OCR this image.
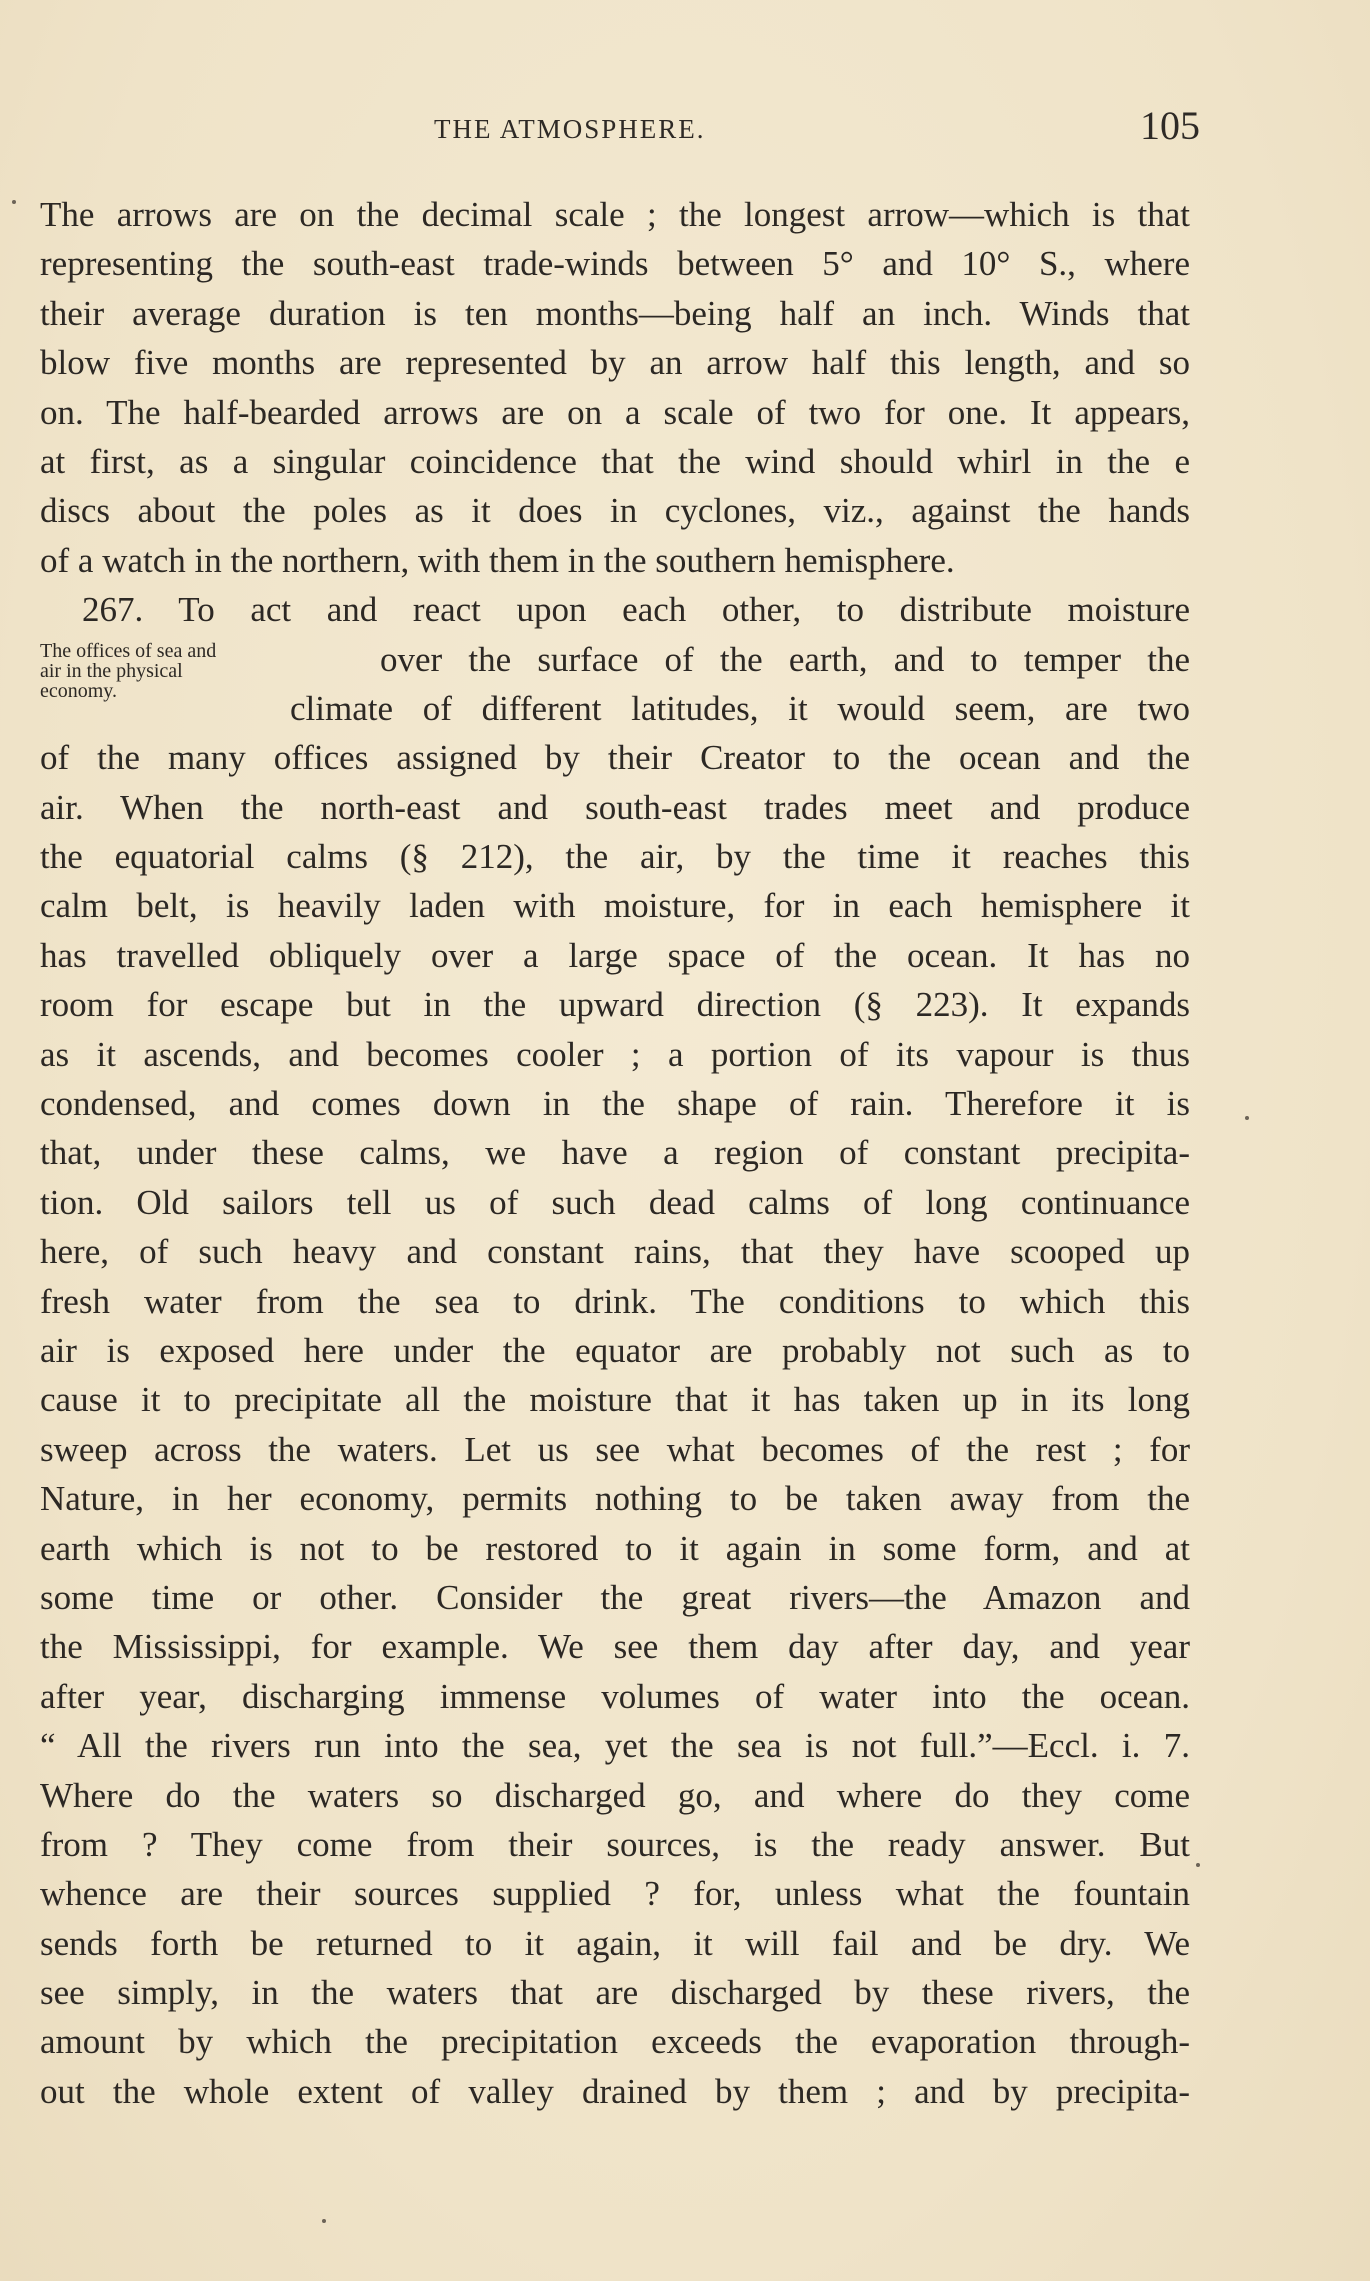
THE ATMOSPHERE.	105
The offices of sea and
air in the physical
economy.
The arrows are on the decimal scale ; the longest arrow—which is that
representing the south-east trade-winds between 5° and 10° S., where
their average duration is ten months—being half an inch. Winds that
blow five months are represented by an arrow half this length, and so
on. The half-bearded arrows are on a scale of two for one. It appears,
at first, as a singular coincidence that the wind should whirl in the e
discs about the poles as it does in cyclones, viz., against the hands
of a watch in the northern, with them in the southern hemisphere.
267. To act and react upon each other, to distribute moisture
over the surface of the earth, and to temper the
climate of different latitudes, it would seem, are two
of the many offices assigned by their Creator to the ocean and the
air. When the north-east and south-east trades meet and produce
the equatorial calms (§ 212), the air, by the time it reaches this
calm belt, is heavily laden with moisture, for in each hemisphere it
has travelled obliquely over a large space of the ocean. It has no
room for escape but in the upward direction (§ 223). It expands
as it ascends, and becomes cooler ; a portion of its vapour is thus
condensed, and comes down in the shape of rain. Therefore it is
that, under these calms, we have a region of constant precipita-
tion. Old sailors tell us of such dead calms of long continuance
here, of such heavy and constant rains, that they have scooped up
fresh water from the sea to drink. The conditions to which this
air is exposed here under the equator are probably not such as to
cause it to precipitate all the moisture that it has taken up in its long
sweep across the waters. Let us see what becomes of the rest ; for
Nature, in her economy, permits nothing to be taken away from the
earth which is not to be restored to it again in some form, and at
some time or other. Consider the great rivers—the Amazon and
the Mississippi, for example. We see them day after day, and year
after year, discharging immense volumes of water into the ocean.
“ All the rivers run into the sea, yet the sea is not full.”—Eccl. i. 7.
Where do the waters so discharged go, and where do they come
from ? They come from their sources, is the ready answer. But
whence are their sources supplied ? for, unless what the fountain
sends forth be returned to it again, it will fail and be dry. We
see simply, in the waters that are discharged by these rivers, the
amount by which the precipitation exceeds the evaporation through-
out the whole extent of valley drained by them ; and by precipita-
